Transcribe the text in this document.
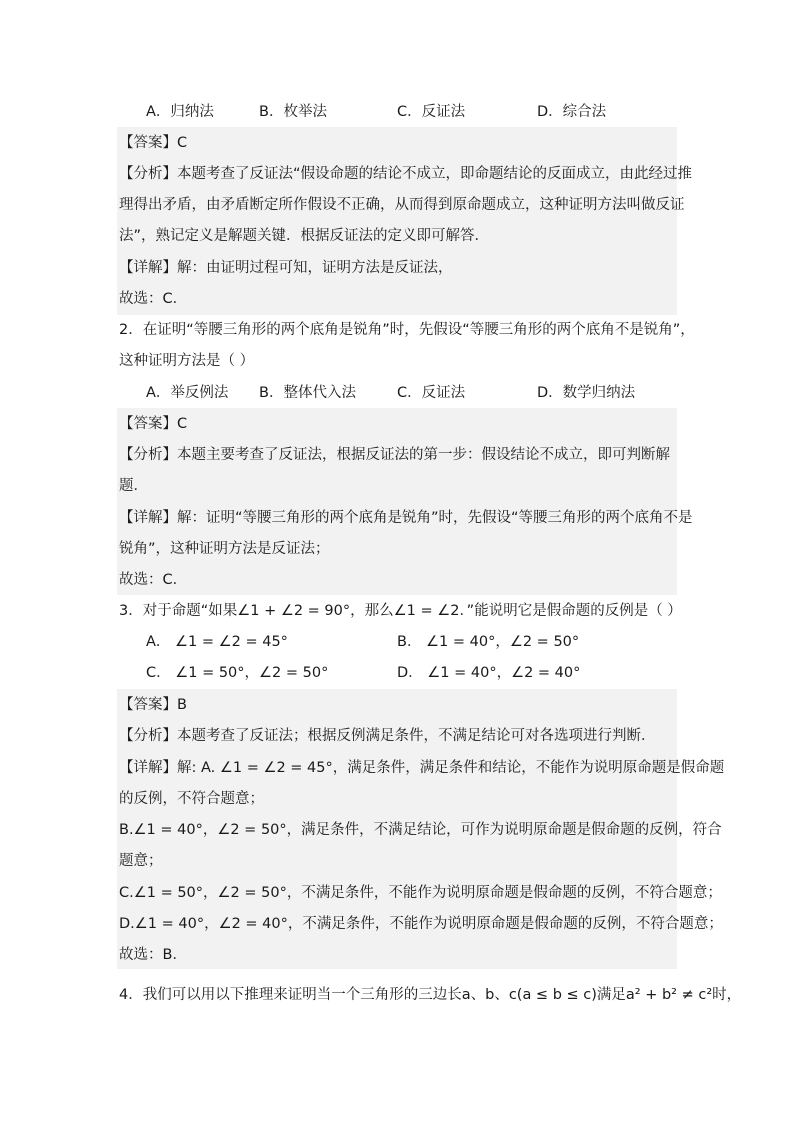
A．归纳法	B．枚举法	C．反证法	D．综合法
【答案】C
【分析】本题考查了反证法“假设命题的结论不成立，即命题结论的反面成立，由此经过推
理得出矛盾，由矛盾断定所作假设不正确，从而得到原命题成立，这种证明方法叫做反证
法”，熟记定义是解题关键．根据反证法的定义即可解答．
【详解】解：由证明过程可知，证明方法是反证法，
故选：C．
2．在证明“等腰三角形的两个底角是锐角”时，先假设“等腰三角形的两个底角不是锐角”，
这种证明方法是（ ）
A．举反例法 B．整体代入法	C．反证法	D．数学归纳法
【答案】C
【分析】本题主要考查了反证法，根据反证法的第一步：假设结论不成立，即可判断解
题．
【详解】解：证明“等腰三角形的两个底角是锐角”时，先假设“等腰三角形的两个底角不是
锐角”，这种证明方法是反证法；
故选：C．
3．对于命题“如果∠1 + ∠2 = 90°，那么∠1 = ∠2．”能说明它是假命题的反例是（ ）
A． ∠1 = ∠2 = 45°	B． ∠1 = 40°，∠2 = 50°
C． ∠1 = 50°，∠2 = 50°	D． ∠1 = 40°，∠2 = 40°
【答案】B
【分析】本题考查了反证法；根据反例满足条件，不满足结论可对各选项进行判断．
【详解】解: A. ∠1 = ∠2 = 45°，满足条件，满足条件和结论，不能作为说明原命题是假命题
的反例，不符合题意；
B.∠1 = 40°，∠2 = 50°，满足条件，不满足结论，可作为说明原命题是假命题的反例，符合
题意；
C.∠1 = 50°，∠2 = 50°，不满足条件，不能作为说明原命题是假命题的反例，不符合题意；
D.∠1 = 40°，∠2 = 40°，不满足条件，不能作为说明原命题是假命题的反例，不符合题意；
故选：B．
4．我们可以用以下推理来证明当一个三角形的三边长a、b、c(a ≤ b ≤ c)满足a² + b² ≠ c²时，
